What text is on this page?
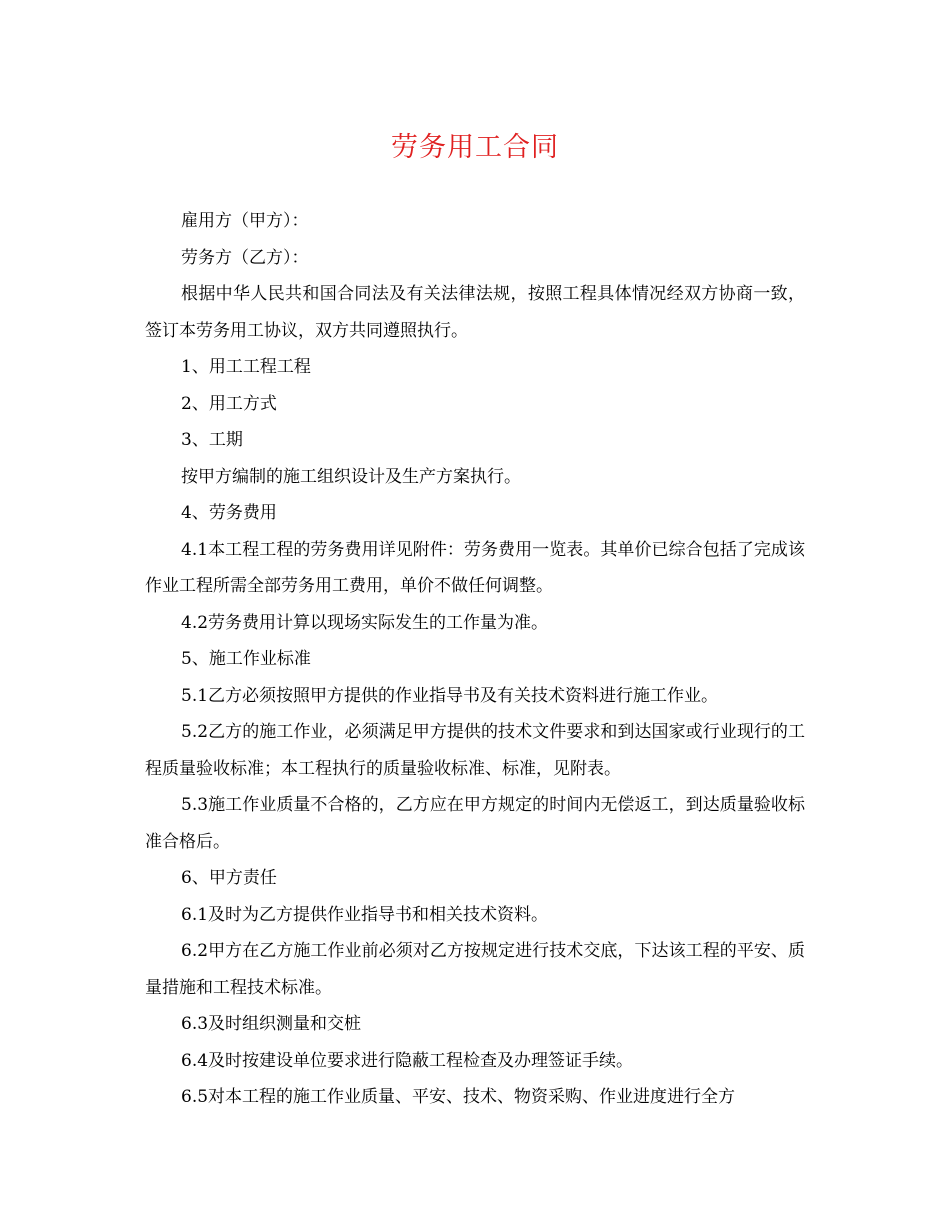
劳务用工合同

雇用方（甲方）：

劳务方（乙方）：

根据中华人民共和国合同法及有关法律法规，按照工程具体情况经双方协商一致，签订本劳务用工协议，双方共同遵照执行。

1、用工工程工程

2、用工方式

3、工期

按甲方编制的施工组织设计及生产方案执行。

4、劳务费用

4.1本工程工程的劳务费用详见附件：劳务费用一览表。其单价已综合包括了完成该作业工程所需全部劳务用工费用，单价不做任何调整。

4.2劳务费用计算以现场实际发生的工作量为准。

5、施工作业标准

5.1乙方必须按照甲方提供的作业指导书及有关技术资料进行施工作业。

5.2乙方的施工作业，必须满足甲方提供的技术文件要求和到达国家或行业现行的工程质量验收标准；本工程执行的质量验收标准、标准，见附表。

5.3施工作业质量不合格的，乙方应在甲方规定的时间内无偿返工，到达质量验收标准合格后。

6、甲方责任

6.1及时为乙方提供作业指导书和相关技术资料。

6.2甲方在乙方施工作业前必须对乙方按规定进行技术交底，下达该工程的平安、质量措施和工程技术标准。

6.3及时组织测量和交桩

6.4及时按建设单位要求进行隐蔽工程检查及办理签证手续。

6.5对本工程的施工作业质量、平安、技术、物资采购、作业进度进行全方
